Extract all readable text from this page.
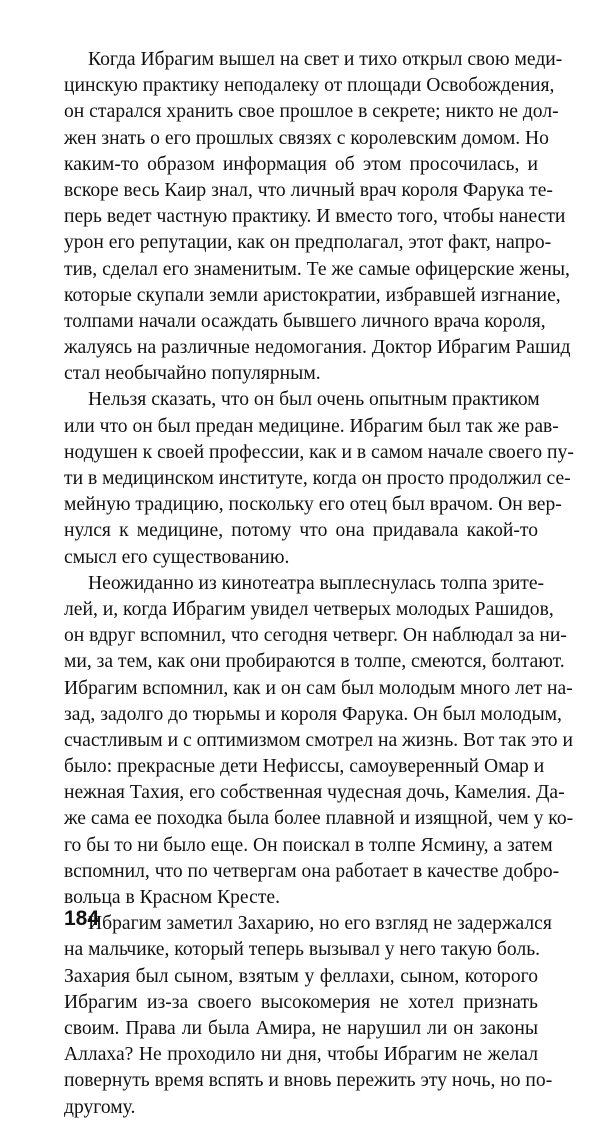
Когда Ибрагим вышел на свет и тихо открыл свою меди-
цинскую практику неподалеку от площади Освобождения,
он старался хранить свое прошлое в секрете; никто не дол-
жен знать о его прошлых связях с королевским домом. Но
каким-то образом информация об этом просочилась, и
вскоре весь Каир знал, что личный врач короля Фарука те-
перь ведет частную практику. И вместо того, чтобы нанести
урон его репутации, как он предполагал, этот факт, напро-
тив, сделал его знаменитым. Те же самые офицерские жены,
которые скупали земли аристократии, избравшей изгнание,
толпами начали осаждать бывшего личного врача короля,
жалуясь на различные недомогания. Доктор Ибрагим Рашид
стал необычайно популярным.
Нельзя сказать, что он был очень опытным практиком
или что он был предан медицине. Ибрагим был так же рав-
нодушен к своей профессии, как и в самом начале своего пу-
ти в медицинском институте, когда он просто продолжил се-
мейную традицию, поскольку его отец был врачом. Он вер-
нулся к медицине, потому что она придавала какой-то
смысл его существованию.
Неожиданно из кинотеатра выплеснулась толпа зрите-
лей, и, когда Ибрагим увидел четверых молодых Рашидов,
он вдруг вспомнил, что сегодня четверг. Он наблюдал за ни-
ми, за тем, как они пробираются в толпе, смеются, болтают.
Ибрагим вспомнил, как и он сам был молодым много лет на-
зад, задолго до тюрьмы и короля Фарука. Он был молодым,
счастливым и с оптимизмом смотрел на жизнь. Вот так это и
было: прекрасные дети Нефиссы, самоуверенный Омар и
нежная Тахия, его собственная чудесная дочь, Камелия. Да-
же сама ее походка была более плавной и изящной, чем у ко-
го бы то ни было еще. Он поискал в толпе Ясмину, а затем
вспомнил, что по четвергам она работает в качестве добро-
вольца в Красном Кресте.
Ибрагим заметил Захарию, но его взгляд не задержался
на мальчике, который теперь вызывал у него такую боль.
Захария был сыном, взятым у феллахи, сыном, которого
Ибрагим из-за своего высокомерия не хотел признать
своим. Права ли была Амира, не нарушил ли он законы
Аллаха? Не проходило ни дня, чтобы Ибрагим не желал
повернуть время вспять и вновь пережить эту ночь, но по-
другому.
184
